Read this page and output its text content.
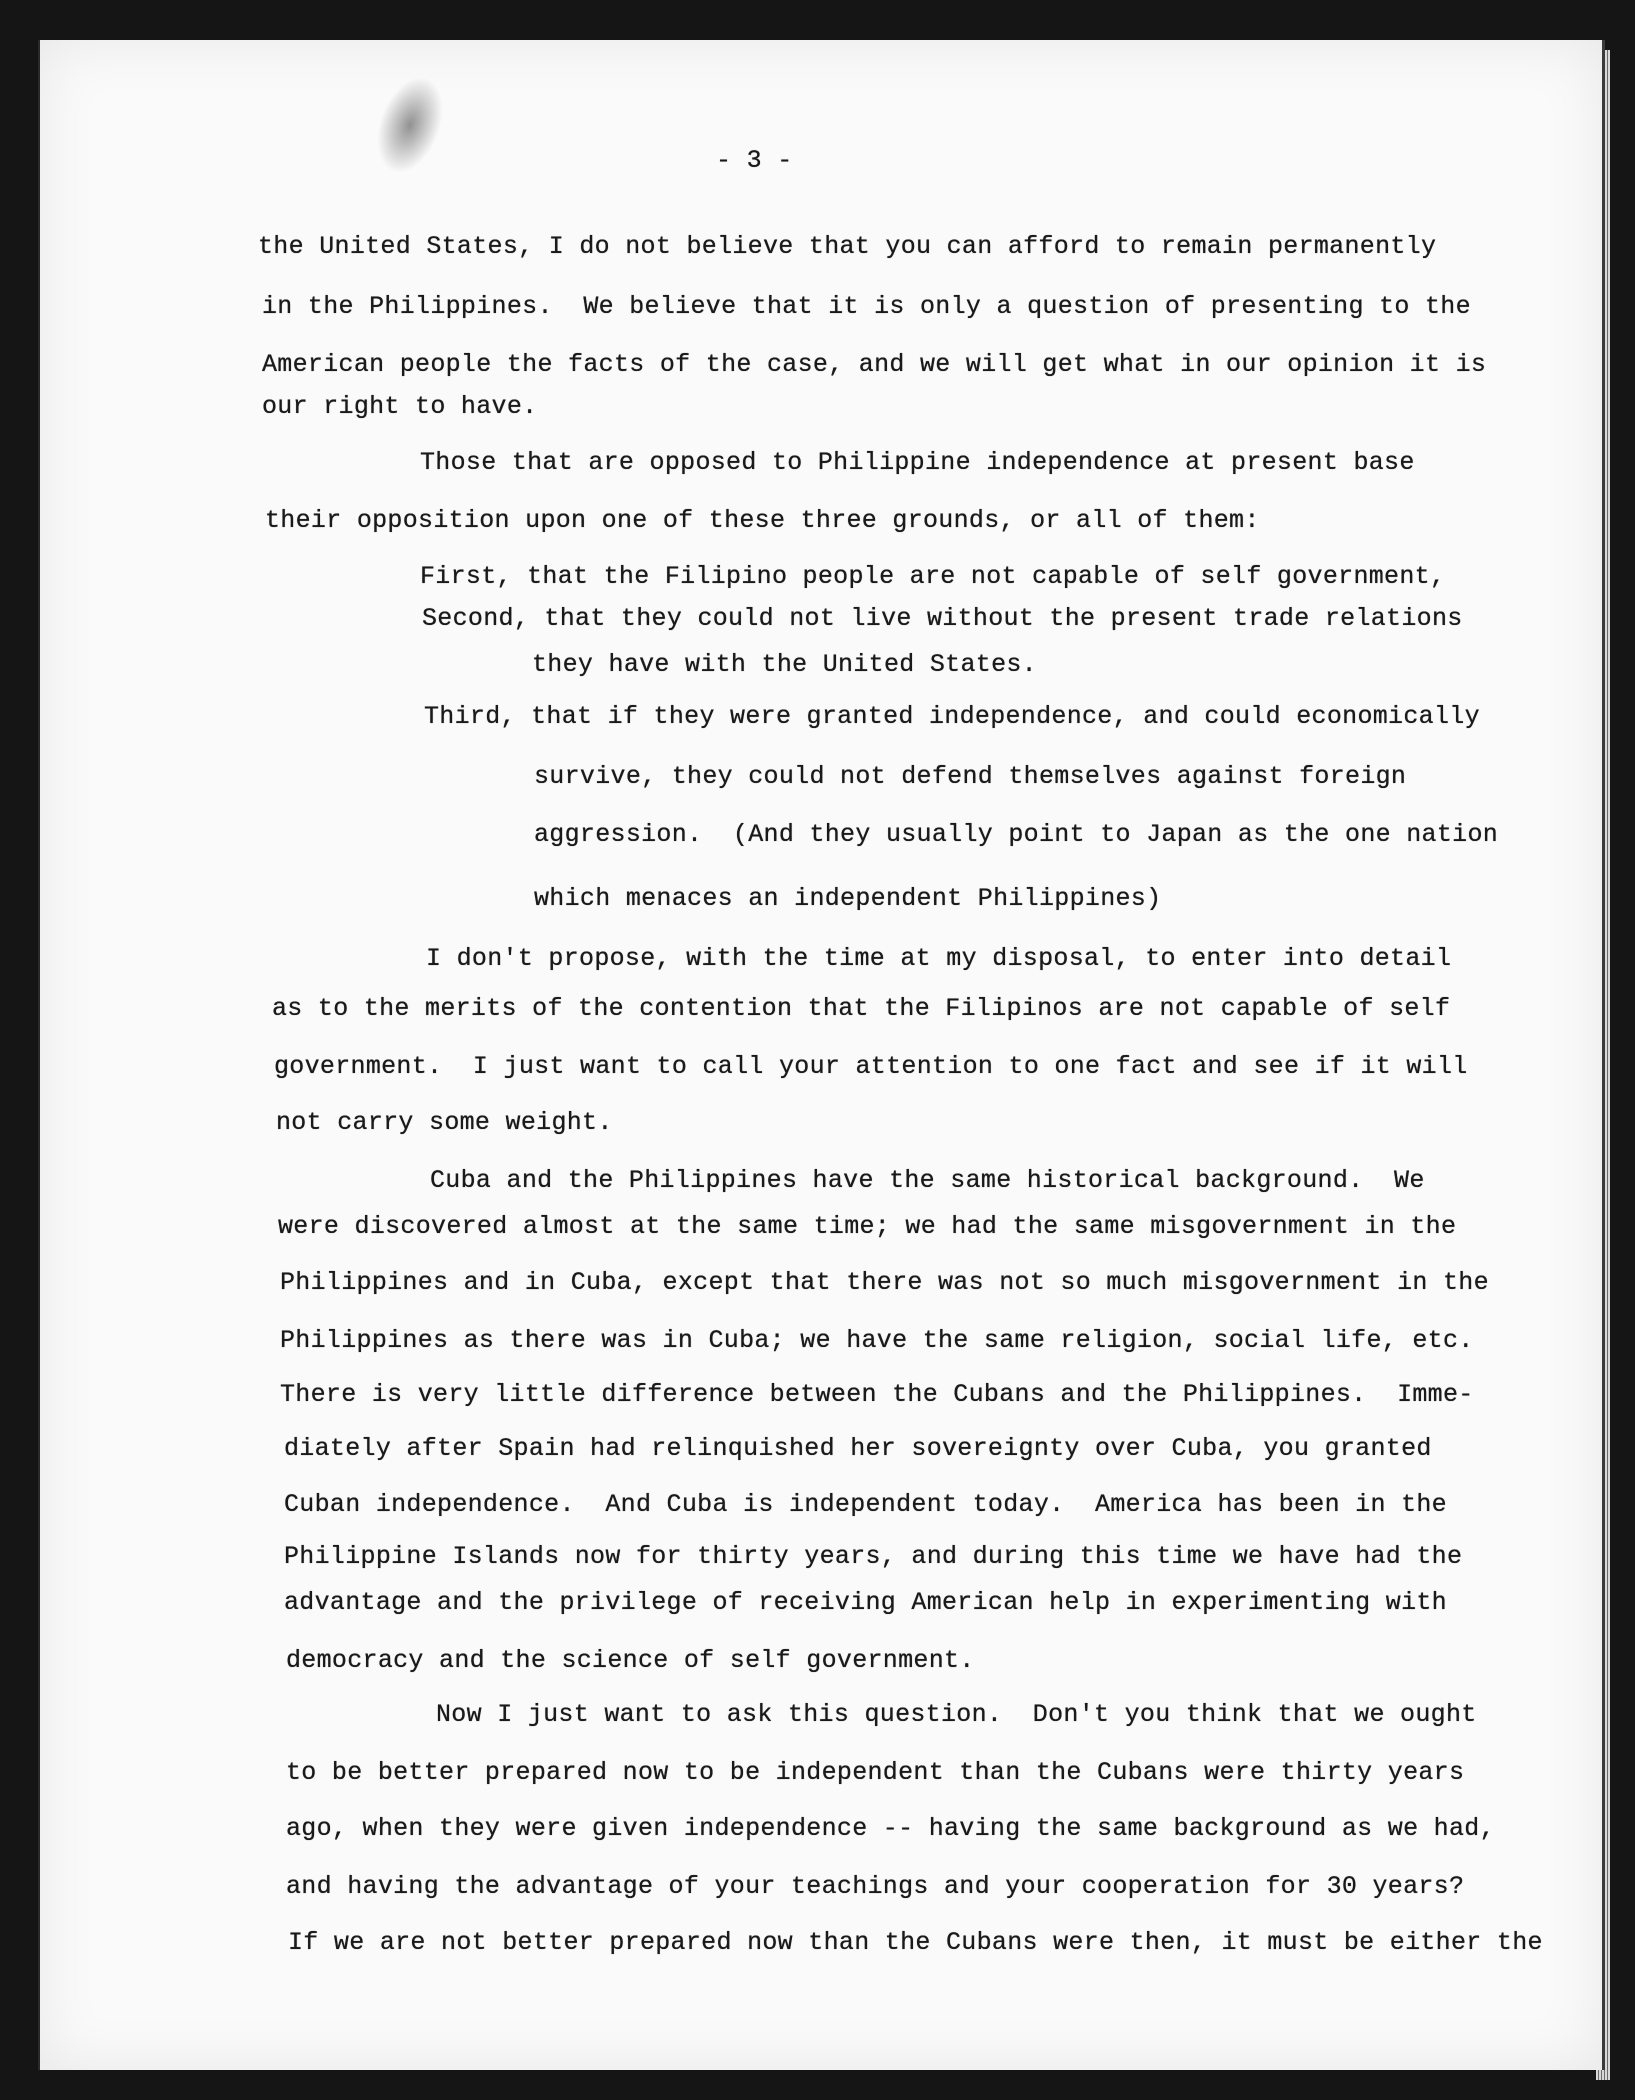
- 3 -
the United States, I do not believe that you can afford to remain permanently
in the Philippines.  We believe that it is only a question of presenting to the
American people the facts of the case, and we will get what in our opinion it is
our right to have.
Those that are opposed to Philippine independence at present base
their opposition upon one of these three grounds, or all of them:
First, that the Filipino people are not capable of self government,
Second, that they could not live without the present trade relations
they have with the United States.
Third, that if they were granted independence, and could economically
survive, they could not defend themselves against foreign
aggression.  (And they usually point to Japan as the one nation
which menaces an independent Philippines)
I don't propose, with the time at my disposal, to enter into detail
as to the merits of the contention that the Filipinos are not capable of self
government.  I just want to call your attention to one fact and see if it will
not carry some weight.
Cuba and the Philippines have the same historical background.  We
were discovered almost at the same time; we had the same misgovernment in the
Philippines and in Cuba, except that there was not so much misgovernment in the
Philippines as there was in Cuba; we have the same religion, social life, etc.
There is very little difference between the Cubans and the Philippines.  Imme-
diately after Spain had relinquished her sovereignty over Cuba, you granted
Cuban independence.  And Cuba is independent today.  America has been in the
Philippine Islands now for thirty years, and during this time we have had the
advantage and the privilege of receiving American help in experimenting with
democracy and the science of self government.
Now I just want to ask this question.  Don't you think that we ought
to be better prepared now to be independent than the Cubans were thirty years
ago, when they were given independence -- having the same background as we had,
and having the advantage of your teachings and your cooperation for 30 years?
If we are not better prepared now than the Cubans were then, it must be either the
